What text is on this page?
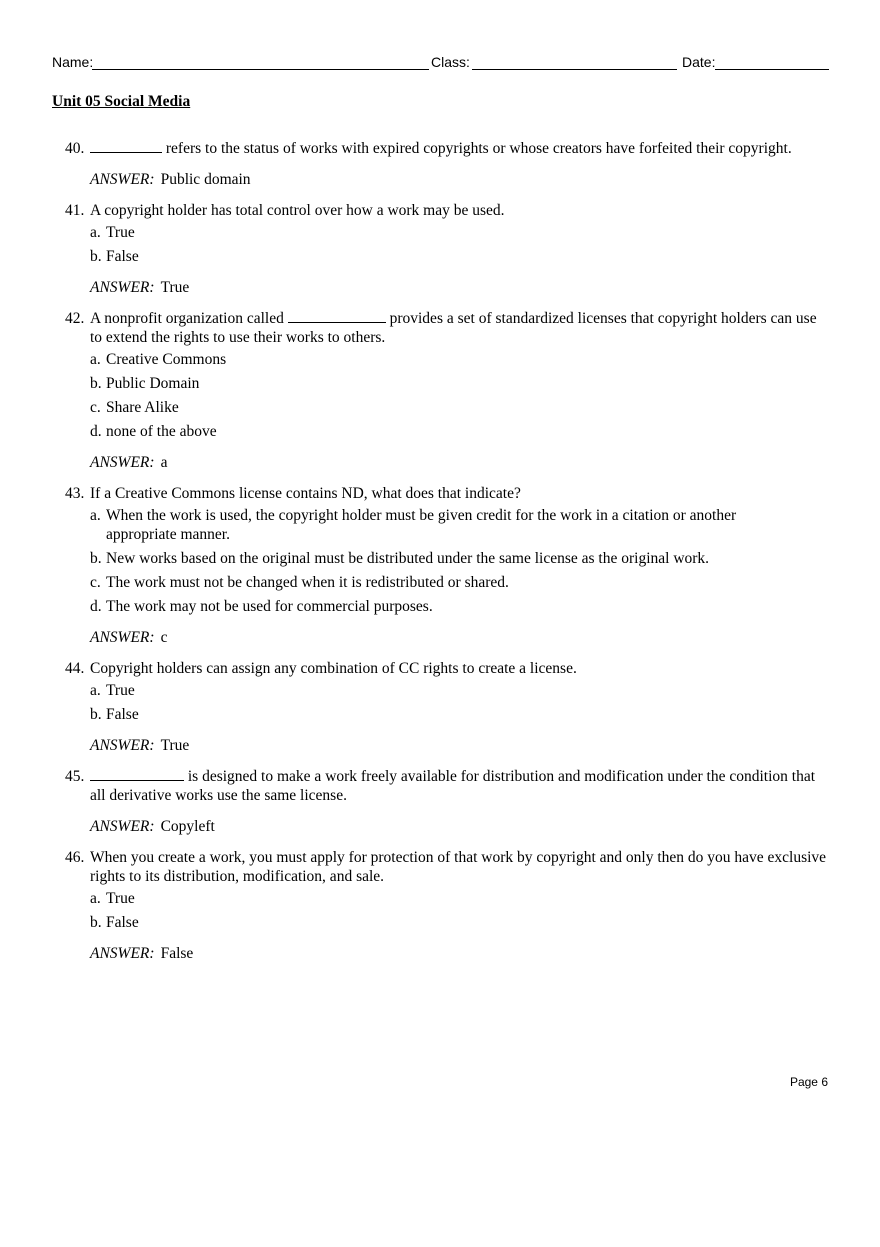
Name:	Class:	Date:
Unit 05 Social Media
40.	refers to the status of works with expired copyrights or whose creators have forfeited their copyright.
ANSWER: Public domain
41. A copyright holder has total control over how a work may be used.
a. True
b. False
ANSWER: True
42. A nonprofit organization called	provides a set of standardized licenses that copyright holders can use to extend the rights to use their works to others.
a. Creative Commons
b. Public Domain
c. Share Alike
d. none of the above
ANSWER: a
43. If a Creative Commons license contains ND, what does that indicate?
a. When the work is used, the copyright holder must be given credit for the work in a citation or another appropriate manner.
b. New works based on the original must be distributed under the same license as the original work.
c. The work must not be changed when it is redistributed or shared.
d. The work may not be used for commercial purposes.
ANSWER: c
44. Copyright holders can assign any combination of CC rights to create a license.
a. True
b. False
ANSWER: True
45.	is designed to make a work freely available for distribution and modification under the condition that all derivative works use the same license.
ANSWER: Copyleft
46. When you create a work, you must apply for protection of that work by copyright and only then do you have exclusive rights to its distribution, modification, and sale.
a. True
b. False
ANSWER: False
Page 6
